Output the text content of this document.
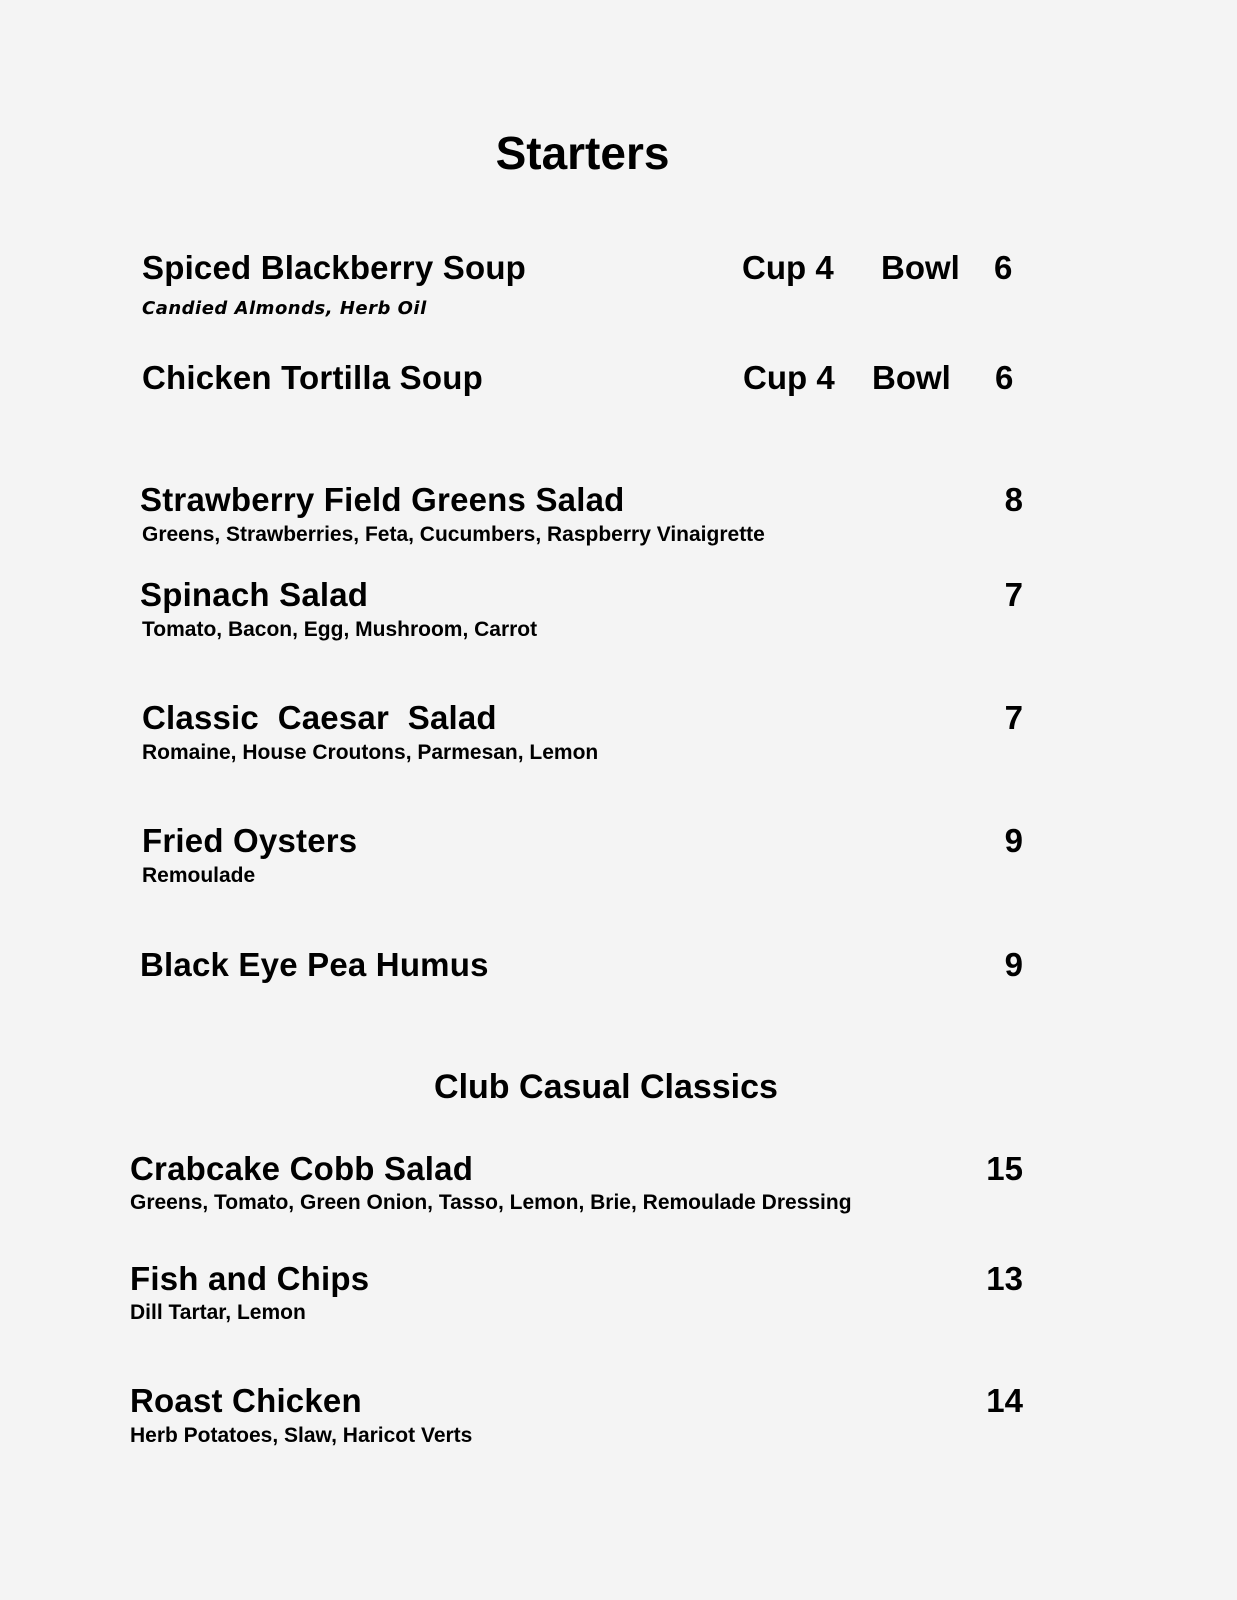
Starters
Spiced Blackberry Soup	Cup 4 Bowl 6
Candied Almonds, Herb Oil
Chicken Tortilla Soup	Cup 4 Bowl 6
Strawberry Field Greens Salad	8
Greens, Strawberries, Feta, Cucumbers, Raspberry Vinaigrette
Spinach Salad	7
Tomato, Bacon, Egg, Mushroom, Carrot
Classic  Caesar  Salad	7
Romaine, House Croutons, Parmesan, Lemon
Fried Oysters	9
Remoulade
Black Eye Pea Humus	9
Club Casual Classics
Crabcake Cobb Salad	15
Greens, Tomato, Green Onion, Tasso, Lemon, Brie, Remoulade Dressing
Fish and Chips	13
Dill Tartar, Lemon
Roast Chicken	14
Herb Potatoes, Slaw, Haricot Verts
